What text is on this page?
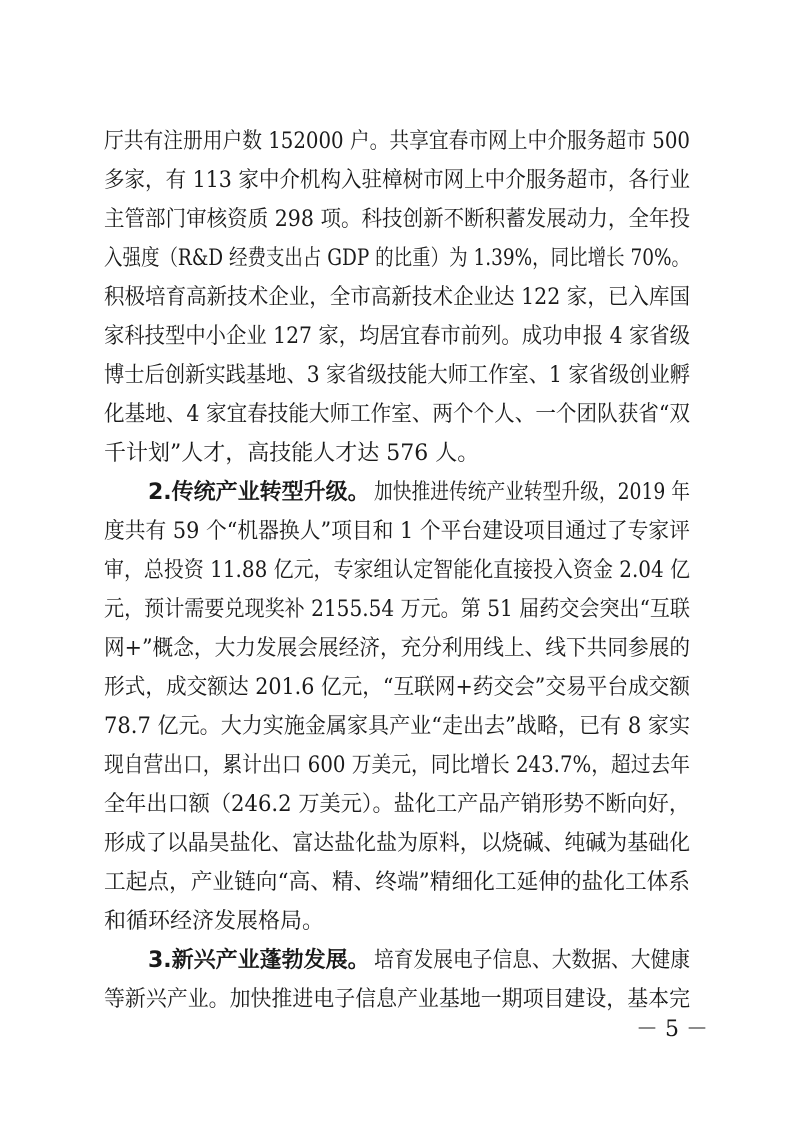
厅共有注册用户数 152000 户。共享宜春市网上中介服务超市 500

多家，有 113 家中介机构入驻樟树市网上中介服务超市，各行业

主管部门审核资质 298 项。科技创新不断积蓄发展动力，全年投

入强度（R&D 经费支出占 GDP 的比重）为 1.39%，同比增长 70%。

积极培育高新技术企业，全市高新技术企业达 122 家，已入库国

家科技型中小企业 127 家，均居宜春市前列。成功申报 4 家省级

博士后创新实践基地、3 家省级技能大师工作室、1 家省级创业孵

化基地、4 家宜春技能大师工作室、两个个人、一个团队获省“双

千计划”人才，高技能人才达 576 人。

2.传统产业转型升级。

加快推进传统产业转型升级，2019 年

度共有 59 个“机器换人”项目和 1 个平台建设项目通过了专家评

审，总投资 11.88 亿元，专家组认定智能化直接投入资金 2.04 亿

元，预计需要兑现奖补 2155.54 万元。第 51 届药交会突出“互联

网+”概念，大力发展会展经济，充分利用线上、线下共同参展的

形式，成交额达 201.6 亿元，“互联网+药交会”交易平台成交额

78.7 亿元。大力实施金属家具产业“走出去”战略，已有 8 家实

现自营出口，累计出口 600 万美元，同比增长 243.7%，超过去年

全年出口额（246.2 万美元）。盐化工产品产销形势不断向好，

形成了以晶昊盐化、富达盐化盐为原料，以烧碱、纯碱为基础化

工起点，产业链向“高、精、终端”精细化工延伸的盐化工体系

和循环经济发展格局。

3.新兴产业蓬勃发展。

培育发展电子信息、大数据、大健康

等新兴产业。加快推进电子信息产业基地一期项目建设，基本完

－ 5 －
